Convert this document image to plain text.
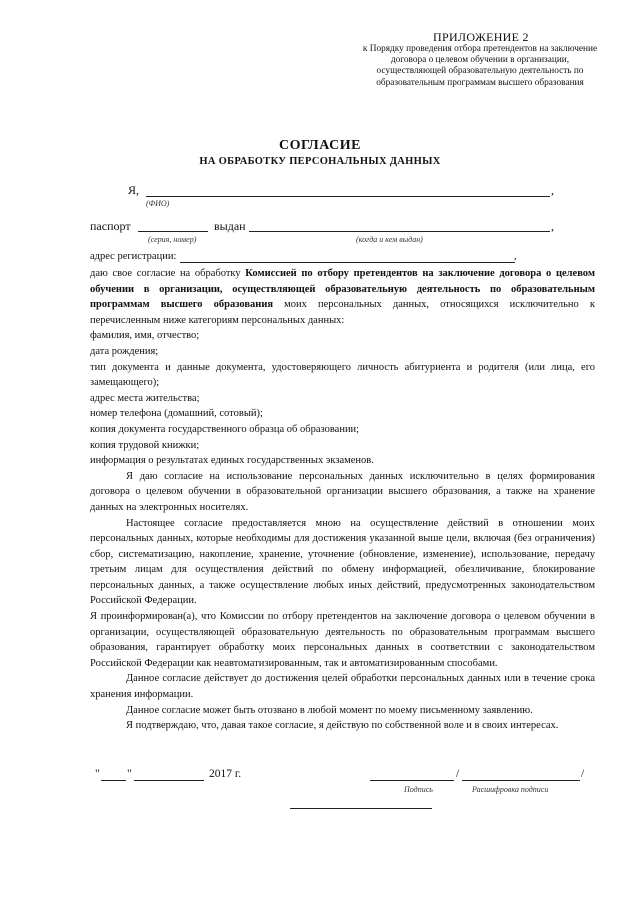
ПРИЛОЖЕНИЕ 2
к Порядку проведения отбора претендентов на заключение договора о целевом обучении в организации, осуществляющей образовательную деятельность по образовательным программам высшего образования
СОГЛАСИЕ
НА ОБРАБОТКУ ПЕРСОНАЛЬНЫХ ДАННЫХ
Я,	,
(ФИО)
паспорт	выдан	,
(серия, номер)	(когда и кем выдан)
адрес регистрации:	,

даю свое согласие на обработку Комиссией по отбору претендентов на заключение договора о целевом обучении в организации, осуществляющей образовательную деятельность по образовательным программам высшего образования моих персональных данных, относящихся исключительно к перечисленным ниже категориям персональных данных:

фамилия, имя, отчество;

дата рождения;

тип документа и данные документа, удостоверяющего личность абитуриента и родителя (или лица, его замещающего);

адрес места жительства;

номер телефона (домашний, сотовый);

копия документа государственного образца об образовании;

копия трудовой книжки;

информация о результатах единых государственных экзаменов.

Я даю согласие на использование персональных данных исключительно в целях формирования договора о целевом обучении в образовательной организации высшего образования, а также на хранение данных на электронных носителях.

Настоящее согласие предоставляется мною на осуществление действий в отношении моих персональных данных, которые необходимы для достижения указанной выше цели, включая (без ограничения) сбор, систематизацию, накопление, хранение, уточнение (обновление, изменение), использование, передачу третьим лицам для осуществления действий по обмену информацией, обезличивание, блокирование персональных данных, а также осуществление любых иных действий, предусмотренных законодательством Российской Федерации.

Я проинформирован(а), что Комиссии по отбору претендентов на заключение договора о целевом обучении в организации, осуществляющей образовательную деятельность по образовательным программам высшего образования, гарантирует обработку моих персональных данных в соответствии с законодательством Российской Федерации как неавтоматизированным, так и автоматизированным способами.

Данное согласие действует до достижения целей обработки персональных данных или в течение срока хранения информации.

Данное согласие может быть отозвано в любой момент по моему письменному заявлению.

Я подтверждаю, что, давая такое согласие, я действую по собственной воле и в своих интересах.

" "	2017 г.	/	/
Подпись	Расшифровка подписи
